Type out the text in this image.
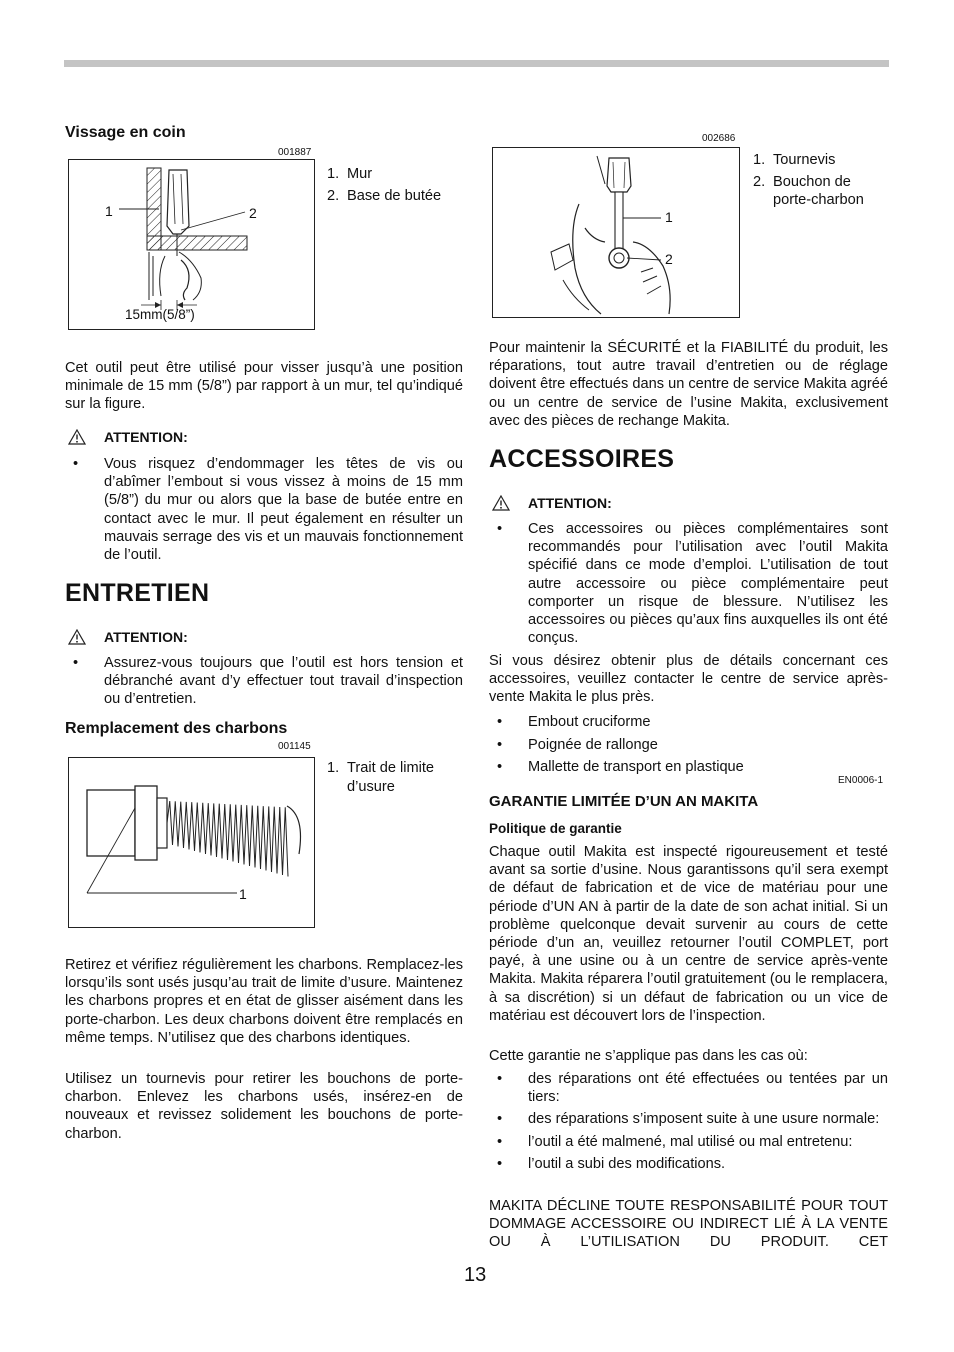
Vissage en coin
001887
1	2
15mm(5/8”)
1. Mur
2. Base de butée
Cet outil peut être utilisé pour visser jusqu’à une position minimale de 15 mm (5/8”) par rapport à un mur, tel qu’indiqué sur la figure.
ATTENTION:
•	Vous risquez d’endommager les têtes de vis ou d’abîmer l’embout si vous vissez à moins de 15 mm (5/8”) du mur ou alors que la base de butée entre en contact avec le mur. Il peut également en résulter un mauvais serrage des vis et un mauvais fonctionnement de l’outil.
ENTRETIEN
ATTENTION:
•	Assurez-vous toujours que l’outil est hors tension et débranché avant d’y effectuer tout travail d’inspection ou d’entretien.
Remplacement des charbons
001145
1
1. Trait de limite d’usure
Retirez et vérifiez régulièrement les charbons. Remplacez-les lorsqu’ils sont usés jusqu’au trait de limite d’usure. Maintenez les charbons propres et en état de glisser aisément dans les porte-charbon. Les deux charbons doivent être remplacés en même temps. N’utilisez que des charbons identiques.
Utilisez un tournevis pour retirer les bouchons de porte-charbon. Enlevez les charbons usés, insérez-en de nouveaux et revissez solidement les bouchons de porte-charbon.
002686
1
2
1. Tournevis
2. Bouchon de porte-charbon
Pour maintenir la SÉCURITÉ et la FIABILITÉ du produit, les réparations, tout autre travail d’entretien ou de réglage doivent être effectués dans un centre de service Makita agréé ou un centre de service de l’usine Makita, exclusivement avec des pièces de rechange Makita.
ACCESSOIRES
ATTENTION:
•	Ces accessoires ou pièces complémentaires sont recommandés pour l’utilisation avec l’outil Makita spécifié dans ce mode d’emploi. L’utilisation de tout autre accessoire ou pièce complémentaire peut comporter un risque de blessure. N’utilisez les accessoires ou pièces qu’aux fins auxquelles ils ont été conçus.
Si vous désirez obtenir plus de détails concernant ces accessoires, veuillez contacter le centre de service après-vente Makita le plus près.
•	Embout cruciforme
•	Poignée de rallonge
•	Mallette de transport en plastique
EN0006-1
GARANTIE LIMITÉE D’UN AN MAKITA
Politique de garantie
Chaque outil Makita est inspecté rigoureusement et testé avant sa sortie d’usine. Nous garantissons qu’il sera exempt de défaut de fabrication et de vice de matériau pour une période d’UN AN à partir de la date de son achat initial. Si un problème quelconque devait survenir au cours de cette période d’un an, veuillez retourner l’outil COMPLET, port payé, à une usine ou à un centre de service après-vente Makita. Makita réparera l’outil gratuitement (ou le remplacera, à sa discrétion) si un défaut de fabrication ou un vice de matériau est découvert lors de l’inspection.
Cette garantie ne s’applique pas dans les cas où:
•	des réparations ont été effectuées ou tentées par un tiers:
•	des réparations s’imposent suite à une usure normale:
•	l’outil a été malmené, mal utilisé ou mal entretenu:
•	l’outil a subi des modifications.
MAKITA DÉCLINE TOUTE RESPONSABILITÉ POUR TOUT DOMMAGE ACCESSOIRE OU INDIRECT LIÉ À LA VENTE OU À L’UTILISATION DU PRODUIT. CET
13
